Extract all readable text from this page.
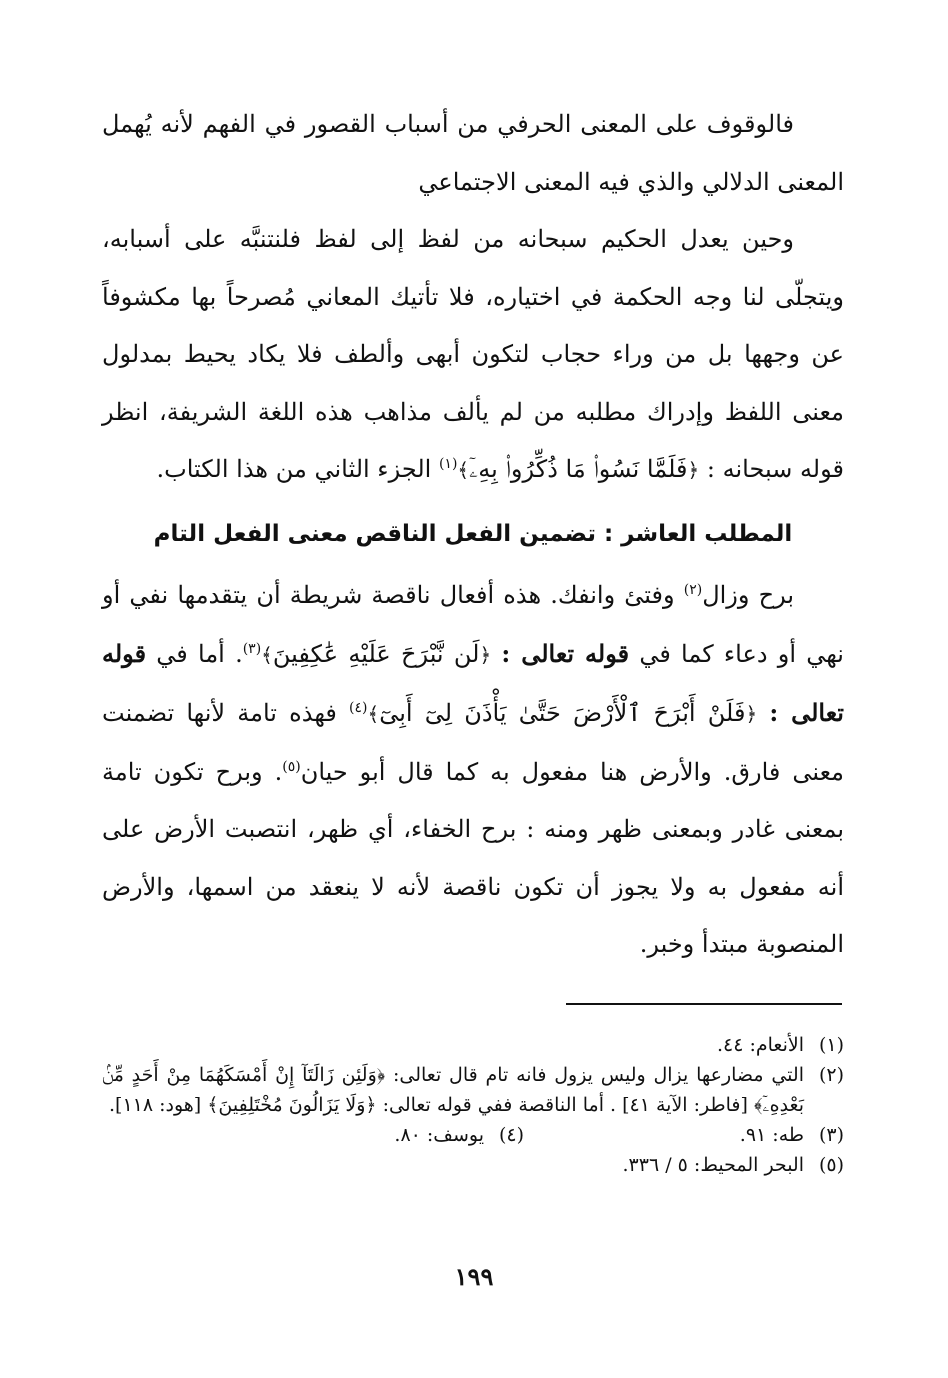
فالوقوف على المعنى الحرفي من أسباب القصور في الفهم لأنه يُهمل المعنى الدلالي والذي فيه المعنى الاجتماعي

وحين يعدل الحكيم سبحانه من لفظ إلى لفظ فلنتنبَّه على أسبابه، ويتجلّى لنا وجه الحكمة في اختياره، فلا تأتيك المعاني مُصرحاً بها مكشوفاً عن وجهها بل من وراء حجاب لتكون أبهى وألطف فلا يكاد يحيط بمدلول معنى اللفظ وإدراك مطلبه من لم يألف مذاهب هذه اللغة الشريفة، انظر قوله سبحانه : ﴿فَلَمَّا نَسُوا۟ مَا ذُكِّرُوا۟ بِهِۦٓ﴾$^{(١)}$ الجزء الثاني من هذا الكتاب.

المطلب العاشر : تضمين الفعل الناقص معنى الفعل التام

برح وزال$^{(٢)}$ وفتئ وانفك. هذه أفعال ناقصة شريطة أن يتقدمها نفي أو نهي أو دعاء كما في قوله تعالى : ﴿لَن نَّبْرَحَ عَلَيْهِ عَٰكِفِينَ﴾$^{(٣)}$. أما في قوله تعالى : ﴿فَلَنْ أَبْرَحَ ٱلْأَرْضَ حَتَّىٰ يَأْذَنَ لِىٓ أَبِىٓ﴾$^{(٤)}$ فهذه تامة لأنها تضمنت معنى فارق. والأرض هنا مفعول به كما قال أبو حيان$^{(٥)}$. وبرح تكون تامة بمعنى غادر وبمعنى ظهر ومنه : برح الخفاء، أي ظهر، انتصبت الأرض على أنه مفعول به ولا يجوز أن تكون ناقصة لأنه لا ينعقد من اسمها، والأرض المنصوبة مبتدأ وخبر.

(١)
الأنعام: ٤٤.
(٢)
التي مضارعها يزال وليس يزول فانه تام قال تعالى: ﴿وَلَئِن زَالَتَآ إِنْ أَمْسَكَهُمَا مِنْ أَحَدٍ مِّنۢ بَعْدِهِۦٓ﴾ [فاطر: الآية ٤١] . أما الناقصة ففي قوله تعالى: ﴿وَلَا يَزَالُونَ مُخْتَلِفِينَ﴾ [هود: ١١٨].
(٣)
طه: ٩١.
(٤)
يوسف: ٨٠.
(٥)
البحر المحيط: ٥ / ٣٣٦.
١٩٩
